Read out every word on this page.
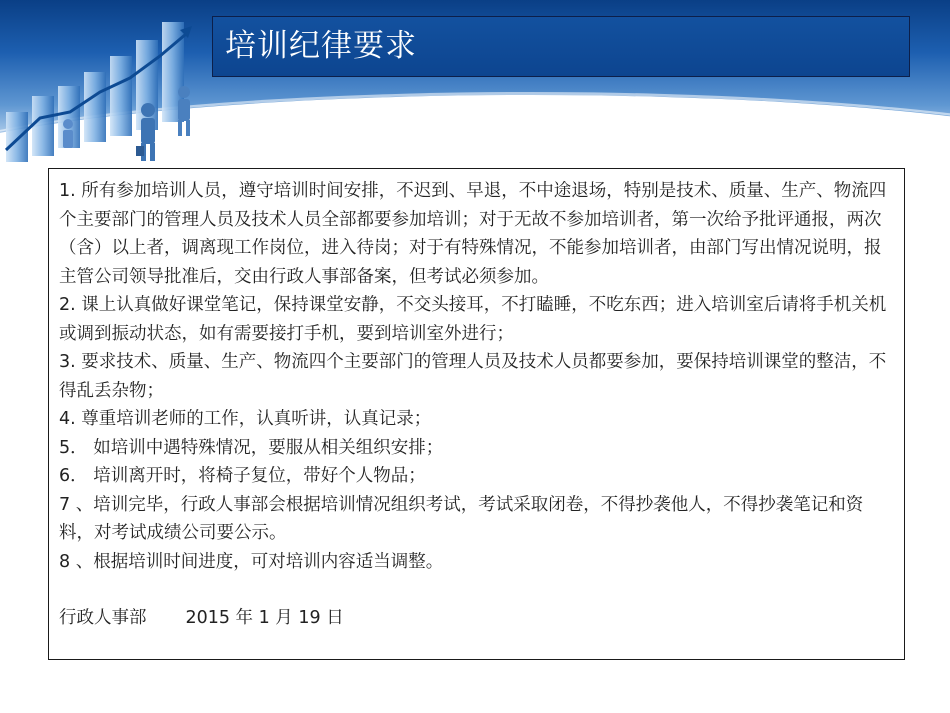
培训纪律要求

1. 所有参加培训人员，遵守培训时间安排，不迟到、早退，不中途退场，特别是技术、质量、生产、物流四个主要部门的管理人员及技术人员全部都要参加培训；对于无故不参加培训者，第一次给予批评通报，两次（含）以上者，调离现工作岗位，进入待岗；对于有特殊情况，不能参加培训者，由部门写出情况说明，报主管公司领导批准后，交由行政人事部备案，但考试必须参加。

2. 课上认真做好课堂笔记，保持课堂安静，不交头接耳，不打瞌睡，不吃东西；进入培训室后请将手机关机或调到振动状态，如有需要接打手机，要到培训室外进行；

3. 要求技术、质量、生产、物流四个主要部门的管理人员及技术人员都要参加，要保持培训课堂的整洁，不得乱丢杂物；

4. 尊重培训老师的工作，认真听讲，认真记录；

5． 如培训中遇特殊情况，要服从相关组织安排；

6． 培训离开时，将椅子复位，带好个人物品；

7 、培训完毕，行政人事部会根据培训情况组织考试，考试采取闭卷，不得抄袭他人，不得抄袭笔记和资料，对考试成绩公司要公示。

8 、根据培训时间进度，可对培训内容适当调整。

行政人事部 2015 年 1 月 19 日
